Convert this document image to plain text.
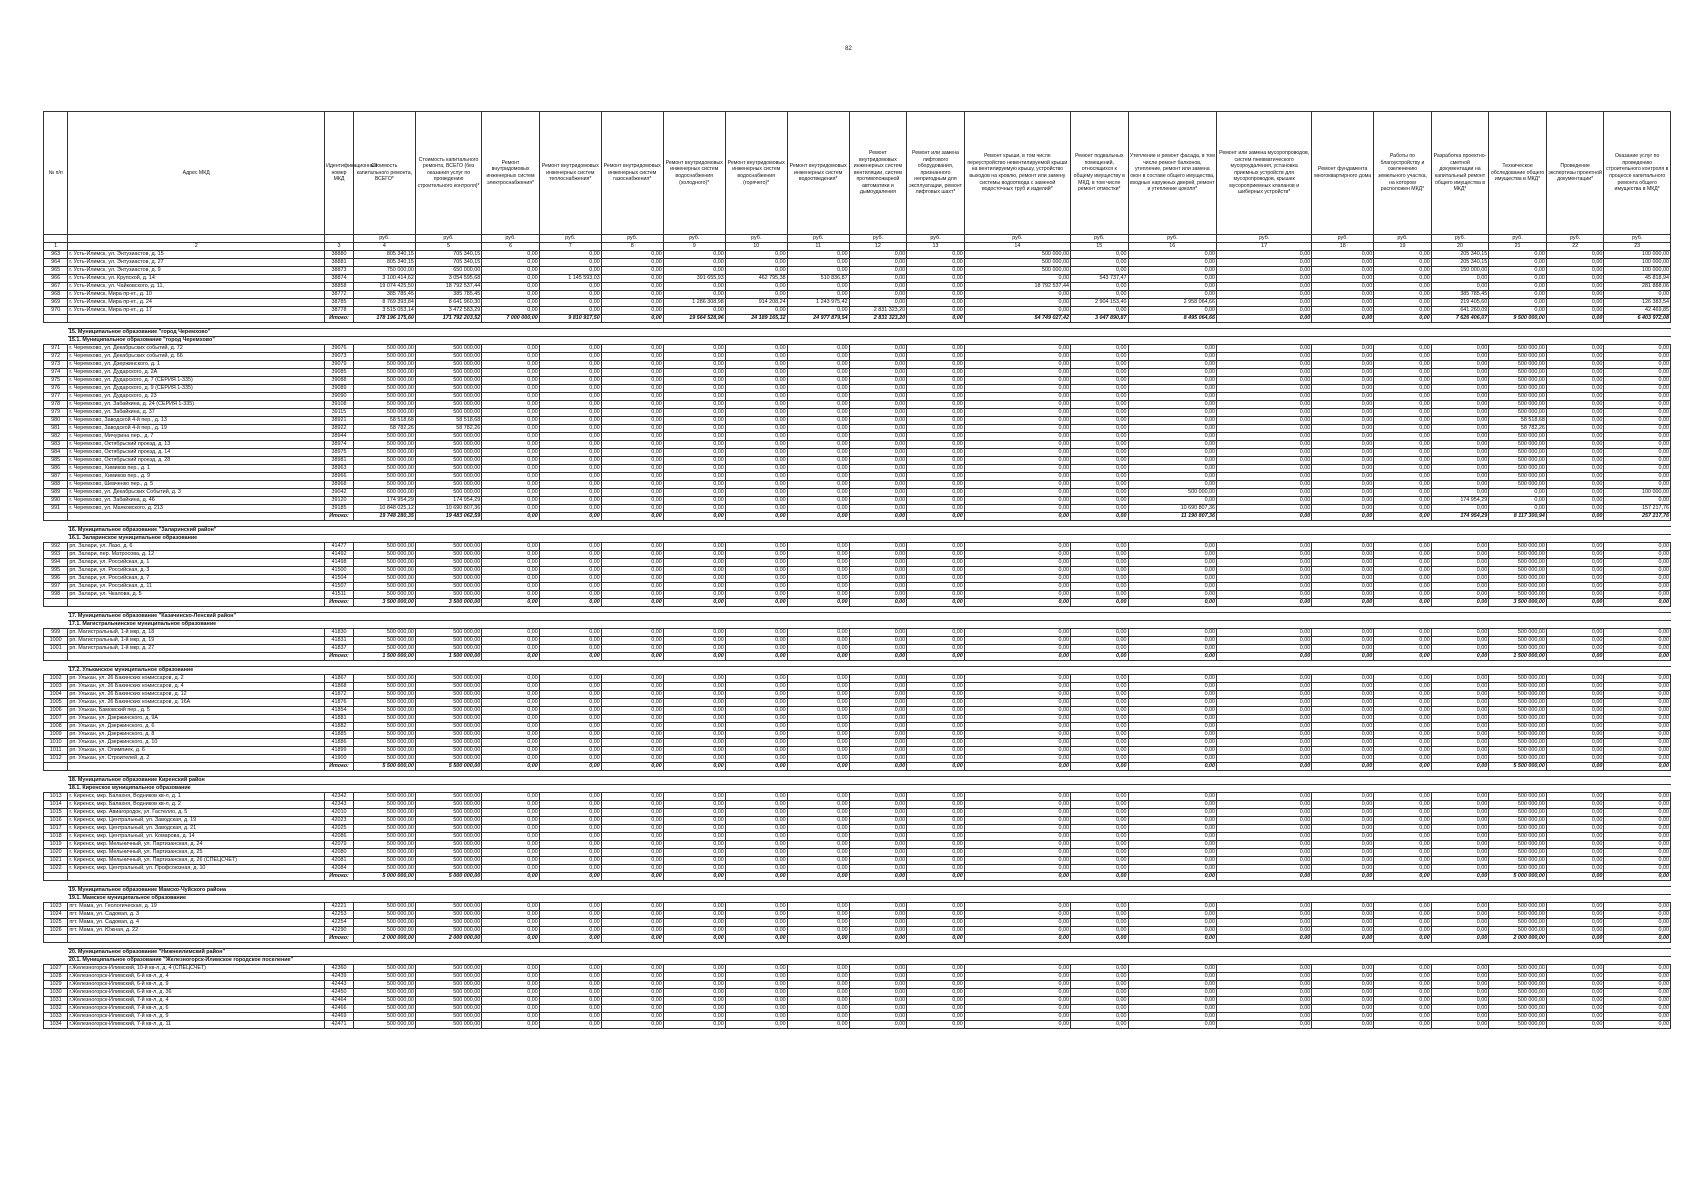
82
№ п/п	Адрес МКД	Идентификационный номер МКД	Стоимость капитального ремонта, ВСЕГО*	Стоимость капитального ремонта, ВСЕГО (без оказания услуг по проведению строительного контроля)*	Ремонт внутридомовых инженерных систем электроснабжения*	Ремонт внутридомовых инженерных систем теплоснабжения*	Ремонт внутридомовых инженерных систем газоснабжения*	Ремонт внутридомовых инженерных систем водоснабжения (холодного)*	Ремонт внутридомовых инженерных систем водоснабжения (горячего)*	Ремонт внутридомовых инженерных систем водоотведения*	Ремонт внутридомовых инженерных систем вентиляции, систем противопожарной автоматики и дымоудаления	Ремонт или замена лифтового оборудования, признанного непригодным для эксплуатации, ремонт лифтовых шахт*	Ремонт крыши, в том числе переустройство невентилируемой крыши на вентилируемую крышу, устройство выходов на кровлю, ремонт или замену системы водоотвода с заменой водосточных труб и изделий*	Ремонт подвальных помещений, относящихся к общему имуществу в МКД, в том числе ремонт отмостки*	Утепление и ремонт фасада, в том числе ремонт балконов, утепление, ремонт или замена окон в составе общего имущества, входных наружных дверей, ремонт и утепление цоколя*	Ремонт или замена мусоропроводов, систем пневматического мусороудаления, установка приемных устройств для мусоропроводов, крышек мусороприемных клапанов и шиберных устройств*	Ремонт фундамента многоквартирного дома	Работы по благоустройству и озеленению земельного участка, на котором расположен МКД*	Разработка проектно-сметной документации на капитальный ремонт общего имущества в МКД*	Техническое обследование общего имущества в МКД*	Проведение экспертизы проектной документации*	Оказание услуг по проведению строительного контроля в процессе капитального ремонта общего имущества в МКД*
			руб.	руб.	руб.	руб.	руб.	руб.	руб.	руб.	руб.	руб.	руб.	руб.	руб.	руб.	руб.	руб.	руб.	руб.	руб.	руб.
1	2	3	4	5	6	7	8	9	10	11	12	13	14	15	16	17	18	19	20	21	22	23
963	г. Усть-Илимск, ул. Энтузиастов, д. 15	38880	805 340,15	705 340,15	0,00	0,00	0,00	0,00	0,00	0,00	0,00	0,00	500 000,00	0,00	0,00	0,00	0,00	0,00	205 340,15	0,00	0,00	100 000,00
964	г. Усть-Илимск, ул. Энтузиастов, д. 27	38881	805 340,15	705 340,15	0,00	0,00	0,00	0,00	0,00	0,00	0,00	0,00	500 000,00	0,00	0,00	0,00	0,00	0,00	205 340,15	0,00	0,00	100 000,00
965	г. Усть-Илимск, ул. Энтузиастов, д. 9	38873	750 000,00	650 000,00	0,00	0,00	0,00	0,00	0,00	0,00	0,00	0,00	500 000,00	0,00	0,00	0,00	0,00	0,00	150 000,00	0,00	0,00	100 000,00
966	г. Усть-Илимск, ул. Крупской, д. 14	38874	3 100 414,62	3 054 595,68	0,00	1 145 593,03	0,00	391 655,93	462 795,38	510 836,87	0,00	0,00	0,00	543 737,47	0,00	0,00	0,00	0,00	0,00	0,00	0,00	45 818,94
967	г. Усть-Илимск, ул. Чайковского, д. 11,	38858	19 074 425,50	18 792 537,44	0,00	0,00	0,00	0,00	0,00	0,00	0,00	0,00	18 792 537,44	0,00	0,00	0,00	0,00	0,00	0,00	0,00	0,00	281 888,06
968	г. Усть-Илимск, Мира пр-кт., д. 10	38772	385 785,45	385 785,45	0,00	0,00	0,00	0,00	0,00	0,00	0,00	0,00	0,00	0,00	0,00	0,00	0,00	0,00	385 785,45	0,00	0,00	0,00
969	г. Усть-Илимск, Мира пр-кт., д. 24	38785	8 769 393,84	8 641 960,30	0,00	0,00	0,00	1 286 308,98	914 208,24	1 243 975,42	0,00	0,00	0,00	2 904 153,40	2 958 064,66	0,00	0,00	0,00	219 405,60	0,00	0,00	126 383,54
970	г. Усть-Илимск, Мира пр-кт., д. 17	38778	3 515 053,14	3 472 583,29	0,00	0,00	0,00	0,00	0,00	0,00	2 831 323,20	0,00	0,00	0,00	0,00	0,00	0,00	0,00	641 260,09	0,00	0,00	42 469,85
		Итого:	178 196 175,60	171 792 203,52	7 000 000,00	9 810 917,50	0,00	19 564 528,96	24 189 165,32	24 977 879,54	2 831 323,20	0,00	54 749 027,42	3 047 890,87	8 495 064,66	0,00	0,00	0,00	7 626 406,07	9 500 000,00	0,00	6 403 972,08

	15. Муниципальное образование "город Черемхово"																					
	15.1. Муниципальное образование "город Черемхово"																					
971	г. Черемхово, ул. Декабрьских событий, д. 72	39076	500 000,00	500 000,00	0,00	0,00	0,00	0,00	0,00	0,00	0,00	0,00	0,00	0,00	0,00	0,00	0,00	0,00	0,00	500 000,00	0,00	0,00
972	г. Черемхово, ул. Декабрьских событий, д. 66	39073	500 000,00	500 000,00	0,00	0,00	0,00	0,00	0,00	0,00	0,00	0,00	0,00	0,00	0,00	0,00	0,00	0,00	0,00	500 000,00	0,00	0,00
973	г. Черемхово, ул. Дзержинского, д. 1	39079	500 000,00	500 000,00	0,00	0,00	0,00	0,00	0,00	0,00	0,00	0,00	0,00	0,00	0,00	0,00	0,00	0,00	0,00	500 000,00	0,00	0,00
974	г. Черемхово, ул. Дударского, д. 2А	39085	500 000,00	500 000,00	0,00	0,00	0,00	0,00	0,00	0,00	0,00	0,00	0,00	0,00	0,00	0,00	0,00	0,00	0,00	500 000,00	0,00	0,00
975	г. Черемхово, ул. Дударского, д. 7 (СЕРИЯ 1-335)	39088	500 000,00	500 000,00	0,00	0,00	0,00	0,00	0,00	0,00	0,00	0,00	0,00	0,00	0,00	0,00	0,00	0,00	0,00	500 000,00	0,00	0,00
976	г. Черемхово, ул. Дударского, д. 9 (СЕРИЯ 1-335)	39089	500 000,00	500 000,00	0,00	0,00	0,00	0,00	0,00	0,00	0,00	0,00	0,00	0,00	0,00	0,00	0,00	0,00	0,00	500 000,00	0,00	0,00
977	г. Черемхово, ул. Дударского, д. 23	39090	500 000,00	500 000,00	0,00	0,00	0,00	0,00	0,00	0,00	0,00	0,00	0,00	0,00	0,00	0,00	0,00	0,00	0,00	500 000,00	0,00	0,00
978	г. Черемхово, ул. Забайкина, д. 24 (СЕРИЯ 1-335)	39108	500 000,00	500 000,00	0,00	0,00	0,00	0,00	0,00	0,00	0,00	0,00	0,00	0,00	0,00	0,00	0,00	0,00	0,00	500 000,00	0,00	0,00
979	г. Черемхово, ул. Забайкина, д. 37	39115	500 000,00	500 000,00	0,00	0,00	0,00	0,00	0,00	0,00	0,00	0,00	0,00	0,00	0,00	0,00	0,00	0,00	0,00	500 000,00	0,00	0,00
980	г. Черемхово, Заводской 4-й пер., д. 13	38921	58 518,68	58 518,68	0,00	0,00	0,00	0,00	0,00	0,00	0,00	0,00	0,00	0,00	0,00	0,00	0,00	0,00	0,00	58 518,68	0,00	0,00
981	г. Черемхово, Заводской 4-й пер., д. 19	38922	58 782,26	58 782,26	0,00	0,00	0,00	0,00	0,00	0,00	0,00	0,00	0,00	0,00	0,00	0,00	0,00	0,00	0,00	58 782,26	0,00	0,00
982	г. Черемхово, Мичурина пер., д. 7	38944	500 000,00	500 000,00	0,00	0,00	0,00	0,00	0,00	0,00	0,00	0,00	0,00	0,00	0,00	0,00	0,00	0,00	0,00	500 000,00	0,00	0,00
983	г. Черемхово, Октябрьский проезд, д. 13	38974	500 000,00	500 000,00	0,00	0,00	0,00	0,00	0,00	0,00	0,00	0,00	0,00	0,00	0,00	0,00	0,00	0,00	0,00	500 000,00	0,00	0,00
984	г. Черемхово, Октябрьский проезд, д. 14	38975	500 000,00	500 000,00	0,00	0,00	0,00	0,00	0,00	0,00	0,00	0,00	0,00	0,00	0,00	0,00	0,00	0,00	0,00	500 000,00	0,00	0,00
985	г. Черемхово, Октябрьский проезд, д. 28	38981	500 000,00	500 000,00	0,00	0,00	0,00	0,00	0,00	0,00	0,00	0,00	0,00	0,00	0,00	0,00	0,00	0,00	0,00	500 000,00	0,00	0,00
986	г. Черемхово, Химиков пер., д. 1	38963	500 000,00	500 000,00	0,00	0,00	0,00	0,00	0,00	0,00	0,00	0,00	0,00	0,00	0,00	0,00	0,00	0,00	0,00	500 000,00	0,00	0,00
987	г. Черемхово, Химиков пер., д. 9	38966	500 000,00	500 000,00	0,00	0,00	0,00	0,00	0,00	0,00	0,00	0,00	0,00	0,00	0,00	0,00	0,00	0,00	0,00	500 000,00	0,00	0,00
988	г. Черемхово, Шевченко пер., д. 5	38968	500 000,00	500 000,00	0,00	0,00	0,00	0,00	0,00	0,00	0,00	0,00	0,00	0,00	0,00	0,00	0,00	0,00	0,00	500 000,00	0,00	0,00
989	г. Черемхово, ул. Декабрьских Событий, д. 3	39042	600 000,00	500 000,00	0,00	0,00	0,00	0,00	0,00	0,00	0,00	0,00	0,00	0,00	500 000,00	0,00	0,00	0,00	0,00	0,00	0,00	100 000,00
990	г. Черемхово, ул. Забайкина, д. 46	39120	174 954,29	174 954,29	0,00	0,00	0,00	0,00	0,00	0,00	0,00	0,00	0,00	0,00	0,00	0,00	0,00	0,00	174 954,29	0,00	0,00	0,00
991	г. Черемхово, ул. Маяковского, д. 213	39185	10 848 025,12	10 690 807,36	0,00	0,00	0,00	0,00	0,00	0,00	0,00	0,00	0,00	0,00	10 690 807,36	0,00	0,00	0,00	0,00	0,00	0,00	157 217,76
		Итого:	19 748 280,35	19 483 062,59	0,00	0,00	0,00	0,00	0,00	0,00	0,00	0,00	0,00	0,00	11 190 807,36	0,00	0,00	0,00	174 954,29	8 117 300,94	0,00	257 217,76

	16. Муниципальное образование "Заларинский район"																					
	16.1. Заларинское муниципальное образование																					
992	рп. Залари, ул. Лазо, д. 6	41477	500 000,00	500 000,00	0,00	0,00	0,00	0,00	0,00	0,00	0,00	0,00	0,00	0,00	0,00	0,00	0,00	0,00	0,00	500 000,00	0,00	0,00
993	рп. Залари, пер. Матросова, д. 12	41492	500 000,00	500 000,00	0,00	0,00	0,00	0,00	0,00	0,00	0,00	0,00	0,00	0,00	0,00	0,00	0,00	0,00	0,00	500 000,00	0,00	0,00
994	рп. Залари, ул. Российская, д. 1	41498	500 000,00	500 000,00	0,00	0,00	0,00	0,00	0,00	0,00	0,00	0,00	0,00	0,00	0,00	0,00	0,00	0,00	0,00	500 000,00	0,00	0,00
995	рп. Залари, ул. Российская, д. 3	41500	500 000,00	500 000,00	0,00	0,00	0,00	0,00	0,00	0,00	0,00	0,00	0,00	0,00	0,00	0,00	0,00	0,00	0,00	500 000,00	0,00	0,00
996	рп. Залари, ул. Российская, д. 7	41504	500 000,00	500 000,00	0,00	0,00	0,00	0,00	0,00	0,00	0,00	0,00	0,00	0,00	0,00	0,00	0,00	0,00	0,00	500 000,00	0,00	0,00
997	рп. Залари, ул. Российская, д. 11	41507	500 000,00	500 000,00	0,00	0,00	0,00	0,00	0,00	0,00	0,00	0,00	0,00	0,00	0,00	0,00	0,00	0,00	0,00	500 000,00	0,00	0,00
998	рп. Залари, ул. Чкалова, д. 5	41511	500 000,00	500 000,00	0,00	0,00	0,00	0,00	0,00	0,00	0,00	0,00	0,00	0,00	0,00	0,00	0,00	0,00	0,00	500 000,00	0,00	0,00
		Итого:	3 500 000,00	3 500 000,00	0,00	0,00	0,00	0,00	0,00	0,00	0,00	0,00	0,00	0,00	0,00	0,00	0,00	0,00	0,00	3 500 000,00	0,00	0,00

	17. Муниципальное образование "Казачинско-Ленский район"																					
	17.1. Магистральнинское муниципальное образование																					
999	рп. Магистральный, 1-й мкр, д. 18	41830	500 000,00	500 000,00	0,00	0,00	0,00	0,00	0,00	0,00	0,00	0,00	0,00	0,00	0,00	0,00	0,00	0,00	0,00	500 000,00	0,00	0,00
1000	рп. Магистральный, 1-й мкр, д. 19	41831	500 000,00	500 000,00	0,00	0,00	0,00	0,00	0,00	0,00	0,00	0,00	0,00	0,00	0,00	0,00	0,00	0,00	0,00	500 000,00	0,00	0,00
1001	рп. Магистральный, 1-й мкр, д. 27	41837	500 000,00	500 000,00	0,00	0,00	0,00	0,00	0,00	0,00	0,00	0,00	0,00	0,00	0,00	0,00	0,00	0,00	0,00	500 000,00	0,00	0,00
		Итого:	1 500 000,00	1 500 000,00	0,00	0,00	0,00	0,00	0,00	0,00	0,00	0,00	0,00	0,00	0,00	0,00	0,00	0,00	0,00	1 500 000,00	0,00	0,00

	17.2. Ульканское муниципальное образование																					
1002	рп. Улькан, ул. 26 Бакинских комиссаров, д. 2	41867	500 000,00	500 000,00	0,00	0,00	0,00	0,00	0,00	0,00	0,00	0,00	0,00	0,00	0,00	0,00	0,00	0,00	0,00	500 000,00	0,00	0,00
1003	рп. Улькан, ул. 26 Бакинских комиссаров, д. 4	41868	500 000,00	500 000,00	0,00	0,00	0,00	0,00	0,00	0,00	0,00	0,00	0,00	0,00	0,00	0,00	0,00	0,00	0,00	500 000,00	0,00	0,00
1004	рп. Улькан, ул. 26 Бакинских комиссаров, д. 12	41872	500 000,00	500 000,00	0,00	0,00	0,00	0,00	0,00	0,00	0,00	0,00	0,00	0,00	0,00	0,00	0,00	0,00	0,00	500 000,00	0,00	0,00
1005	рп. Улькан, ул. 26 Бакинских комиссаров, д. 16А	41876	500 000,00	500 000,00	0,00	0,00	0,00	0,00	0,00	0,00	0,00	0,00	0,00	0,00	0,00	0,00	0,00	0,00	0,00	500 000,00	0,00	0,00
1006	рп. Улькан, Бамовский пер., д. 5	41854	500 000,00	500 000,00	0,00	0,00	0,00	0,00	0,00	0,00	0,00	0,00	0,00	0,00	0,00	0,00	0,00	0,00	0,00	500 000,00	0,00	0,00
1007	рп. Улькан, ул. Дзержинского, д. 9А	41881	500 000,00	500 000,00	0,00	0,00	0,00	0,00	0,00	0,00	0,00	0,00	0,00	0,00	0,00	0,00	0,00	0,00	0,00	500 000,00	0,00	0,00
1008	рп. Улькан, ул. Дзержинского, д. 6	41882	500 000,00	500 000,00	0,00	0,00	0,00	0,00	0,00	0,00	0,00	0,00	0,00	0,00	0,00	0,00	0,00	0,00	0,00	500 000,00	0,00	0,00
1009	рп. Улькан, ул. Дзержинского, д. 8	41885	500 000,00	500 000,00	0,00	0,00	0,00	0,00	0,00	0,00	0,00	0,00	0,00	0,00	0,00	0,00	0,00	0,00	0,00	500 000,00	0,00	0,00
1010	рп. Улькан, ул. Дзержинского, д. 10	41886	500 000,00	500 000,00	0,00	0,00	0,00	0,00	0,00	0,00	0,00	0,00	0,00	0,00	0,00	0,00	0,00	0,00	0,00	500 000,00	0,00	0,00
1011	рп. Улькан, ул. Олимпиек, д. 6	41899	500 000,00	500 000,00	0,00	0,00	0,00	0,00	0,00	0,00	0,00	0,00	0,00	0,00	0,00	0,00	0,00	0,00	0,00	500 000,00	0,00	0,00
1012	рп. Улькан, ул. Строителей, д. 2	41900	500 000,00	500 000,00	0,00	0,00	0,00	0,00	0,00	0,00	0,00	0,00	0,00	0,00	0,00	0,00	0,00	0,00	0,00	500 000,00	0,00	0,00
		Итого:	5 500 000,00	5 500 000,00	0,00	0,00	0,00	0,00	0,00	0,00	0,00	0,00	0,00	0,00	0,00	0,00	0,00	0,00	0,00	5 500 000,00	0,00	0,00

	18. Муниципальное образование Киренский район																					
	18.1. Киренское муниципальное образование																					
1013	г. Киренск, мкр. Балахня, Водников кв-л, д. 1	42342	500 000,00	500 000,00	0,00	0,00	0,00	0,00	0,00	0,00	0,00	0,00	0,00	0,00	0,00	0,00	0,00	0,00	0,00	500 000,00	0,00	0,00
1014	г. Киренск, мкр. Балахня, Водников кв-л, д. 2	42343	500 000,00	500 000,00	0,00	0,00	0,00	0,00	0,00	0,00	0,00	0,00	0,00	0,00	0,00	0,00	0,00	0,00	0,00	500 000,00	0,00	0,00
1015	г. Киренск, мкр. Авиагородок, ул. Гастелло, д. 5	42010	500 000,00	500 000,00	0,00	0,00	0,00	0,00	0,00	0,00	0,00	0,00	0,00	0,00	0,00	0,00	0,00	0,00	0,00	500 000,00	0,00	0,00
1016	г. Киренск, мкр. Центральный, ул. Заводская, д. 19	42023	500 000,00	500 000,00	0,00	0,00	0,00	0,00	0,00	0,00	0,00	0,00	0,00	0,00	0,00	0,00	0,00	0,00	0,00	500 000,00	0,00	0,00
1017	г. Киренск, мкр. Центральный, ул. Заводская, д. 21	42025	500 000,00	500 000,00	0,00	0,00	0,00	0,00	0,00	0,00	0,00	0,00	0,00	0,00	0,00	0,00	0,00	0,00	0,00	500 000,00	0,00	0,00
1018	г. Киренск, мкр. Центральный, ул. Комарова, д. 14	42086	500 000,00	500 000,00	0,00	0,00	0,00	0,00	0,00	0,00	0,00	0,00	0,00	0,00	0,00	0,00	0,00	0,00	0,00	500 000,00	0,00	0,00
1019	г. Киренск, мкр. Мельничный, ул. Партизанская, д. 24	42079	500 000,00	500 000,00	0,00	0,00	0,00	0,00	0,00	0,00	0,00	0,00	0,00	0,00	0,00	0,00	0,00	0,00	0,00	500 000,00	0,00	0,00
1020	г. Киренск, мкр. Мельничный, ул. Партизанская, д. 25	42080	500 000,00	500 000,00	0,00	0,00	0,00	0,00	0,00	0,00	0,00	0,00	0,00	0,00	0,00	0,00	0,00	0,00	0,00	500 000,00	0,00	0,00
1021	г. Киренск, мкр. Мельничный, ул. Партизанская, д. 26 (СПЕЦСЧЕТ)	42081	500 000,00	500 000,00	0,00	0,00	0,00	0,00	0,00	0,00	0,00	0,00	0,00	0,00	0,00	0,00	0,00	0,00	0,00	500 000,00	0,00	0,00
1022	г. Киренск, мкр. Центральный, ул. Профсоюзная, д. 10	42084	500 000,00	500 000,00	0,00	0,00	0,00	0,00	0,00	0,00	0,00	0,00	0,00	0,00	0,00	0,00	0,00	0,00	0,00	500 000,00	0,00	0,00
		Итого:	5 000 000,00	5 000 000,00	0,00	0,00	0,00	0,00	0,00	0,00	0,00	0,00	0,00	0,00	0,00	0,00	0,00	0,00	0,00	5 000 000,00	0,00	0,00

	19. Муниципальное образование Мамско-Чуйского района																					
	19.1. Мамское муниципальное образование																					
1023	пгт. Мама, ул. Геологическая, д. 19	42221	500 000,00	500 000,00	0,00	0,00	0,00	0,00	0,00	0,00	0,00	0,00	0,00	0,00	0,00	0,00	0,00	0,00	0,00	500 000,00	0,00	0,00
1024	пгт. Мама, ул. Садовая, д. 3	42253	500 000,00	500 000,00	0,00	0,00	0,00	0,00	0,00	0,00	0,00	0,00	0,00	0,00	0,00	0,00	0,00	0,00	0,00	500 000,00	0,00	0,00
1025	пгт. Мама, ул. Садовая, д. 4	42254	500 000,00	500 000,00	0,00	0,00	0,00	0,00	0,00	0,00	0,00	0,00	0,00	0,00	0,00	0,00	0,00	0,00	0,00	500 000,00	0,00	0,00
1026	пгт. Мама, ул. Южная, д. 22	42290	500 000,00	500 000,00	0,00	0,00	0,00	0,00	0,00	0,00	0,00	0,00	0,00	0,00	0,00	0,00	0,00	0,00	0,00	500 000,00	0,00	0,00
		Итого:	2 000 000,00	2 000 000,00	0,00	0,00	0,00	0,00	0,00	0,00	0,00	0,00	0,00	0,00	0,00	0,00	0,00	0,00	0,00	2 000 000,00	0,00	0,00

	20. Муниципальное образование "Нижнеилимский район"																					
	20.1. Муниципальное образование "Железногорск-Илимское городское поселение"																					
1027	г.Железногорск-Илимский, 10-й кв-л, д. 4 (СПЕЦСЧЕТ)	42360	500 000,00	500 000,00	0,00	0,00	0,00	0,00	0,00	0,00	0,00	0,00	0,00	0,00	0,00	0,00	0,00	0,00	0,00	500 000,00	0,00	0,00
1028	г.Железногорск-Илимский, 6-й кв-л, д. 4	42439	500 000,00	500 000,00	0,00	0,00	0,00	0,00	0,00	0,00	0,00	0,00	0,00	0,00	0,00	0,00	0,00	0,00	0,00	500 000,00	0,00	0,00
1029	г.Железногорск-Илимский, 6-й кв-л, д. 9	42443	500 000,00	500 000,00	0,00	0,00	0,00	0,00	0,00	0,00	0,00	0,00	0,00	0,00	0,00	0,00	0,00	0,00	0,00	500 000,00	0,00	0,00
1030	г.Железногорск-Илимский, 6-й кв-л, д. 36	42450	500 000,00	500 000,00	0,00	0,00	0,00	0,00	0,00	0,00	0,00	0,00	0,00	0,00	0,00	0,00	0,00	0,00	0,00	500 000,00	0,00	0,00
1031	г.Железногорск-Илимский, 7-й кв-л, д. 4	42464	500 000,00	500 000,00	0,00	0,00	0,00	0,00	0,00	0,00	0,00	0,00	0,00	0,00	0,00	0,00	0,00	0,00	0,00	500 000,00	0,00	0,00
1032	г.Железногорск-Илимский, 7-й кв-л, д. 6	42466	500 000,00	500 000,00	0,00	0,00	0,00	0,00	0,00	0,00	0,00	0,00	0,00	0,00	0,00	0,00	0,00	0,00	0,00	500 000,00	0,00	0,00
1033	г.Железногорск-Илимский, 7-й кв-л, д. 9	42469	500 000,00	500 000,00	0,00	0,00	0,00	0,00	0,00	0,00	0,00	0,00	0,00	0,00	0,00	0,00	0,00	0,00	0,00	500 000,00	0,00	0,00
1034	г.Железногорск-Илимский, 7-й кв-л, д. 11	42471	500 000,00	500 000,00	0,00	0,00	0,00	0,00	0,00	0,00	0,00	0,00	0,00	0,00	0,00	0,00	0,00	0,00	0,00	500 000,00	0,00	0,00
